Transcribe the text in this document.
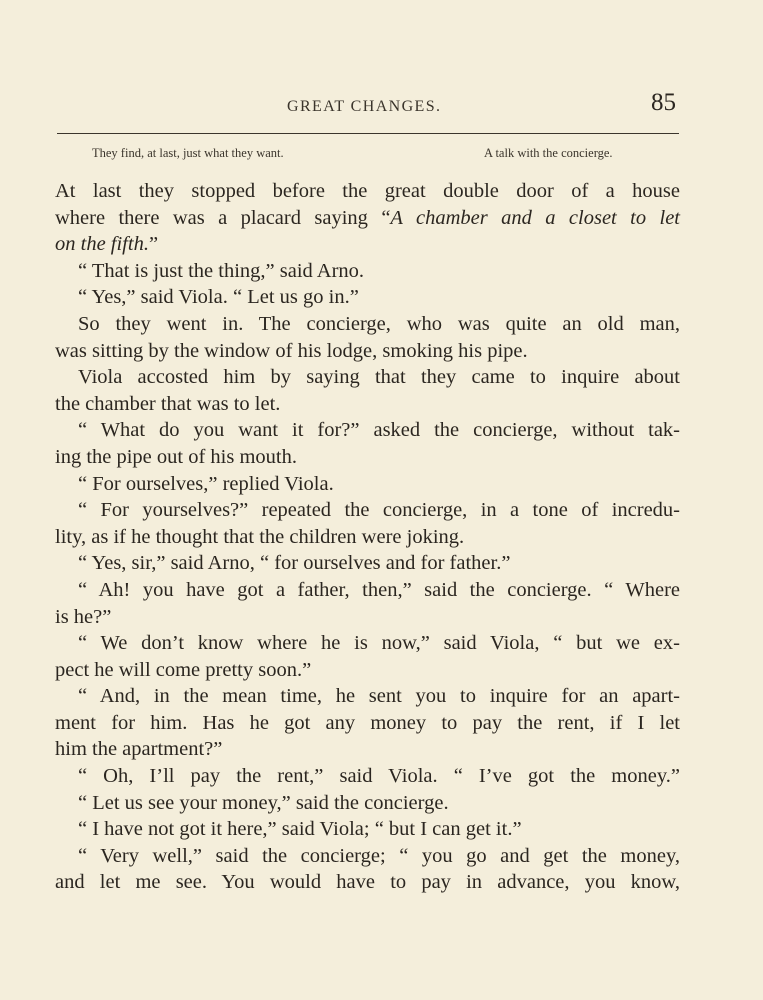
GREAT CHANGES.	85
They find, at last, just what they want.	A talk with the concierge.
At last they stopped before the great double door of a house
where there was a placard saying “A chamber and a closet to let
on the fifth.”
“ That is just the thing,” said Arno.
“ Yes,” said Viola. “ Let us go in.”
So they went in. The concierge, who was quite an old man,
was sitting by the window of his lodge, smoking his pipe.
Viola accosted him by saying that they came to inquire about
the chamber that was to let.
“ What do you want it for?” asked the concierge, without tak-
ing the pipe out of his mouth.
“ For ourselves,” replied Viola.
“ For yourselves?” repeated the concierge, in a tone of incredu-
lity, as if he thought that the children were joking.
“ Yes, sir,” said Arno, “ for ourselves and for father.”
“ Ah! you have got a father, then,” said the concierge. “ Where
is he?”
“ We don’t know where he is now,” said Viola, “ but we ex-
pect he will come pretty soon.”
“ And, in the mean time, he sent you to inquire for an apart-
ment for him. Has he got any money to pay the rent, if I let
him the apartment?”
“ Oh, I’ll pay the rent,” said Viola. “ I’ve got the money.”
“ Let us see your money,” said the concierge.
“ I have not got it here,” said Viola; “ but I can get it.”
“ Very well,” said the concierge; “ you go and get the money,
and let me see. You would have to pay in advance, you know,
